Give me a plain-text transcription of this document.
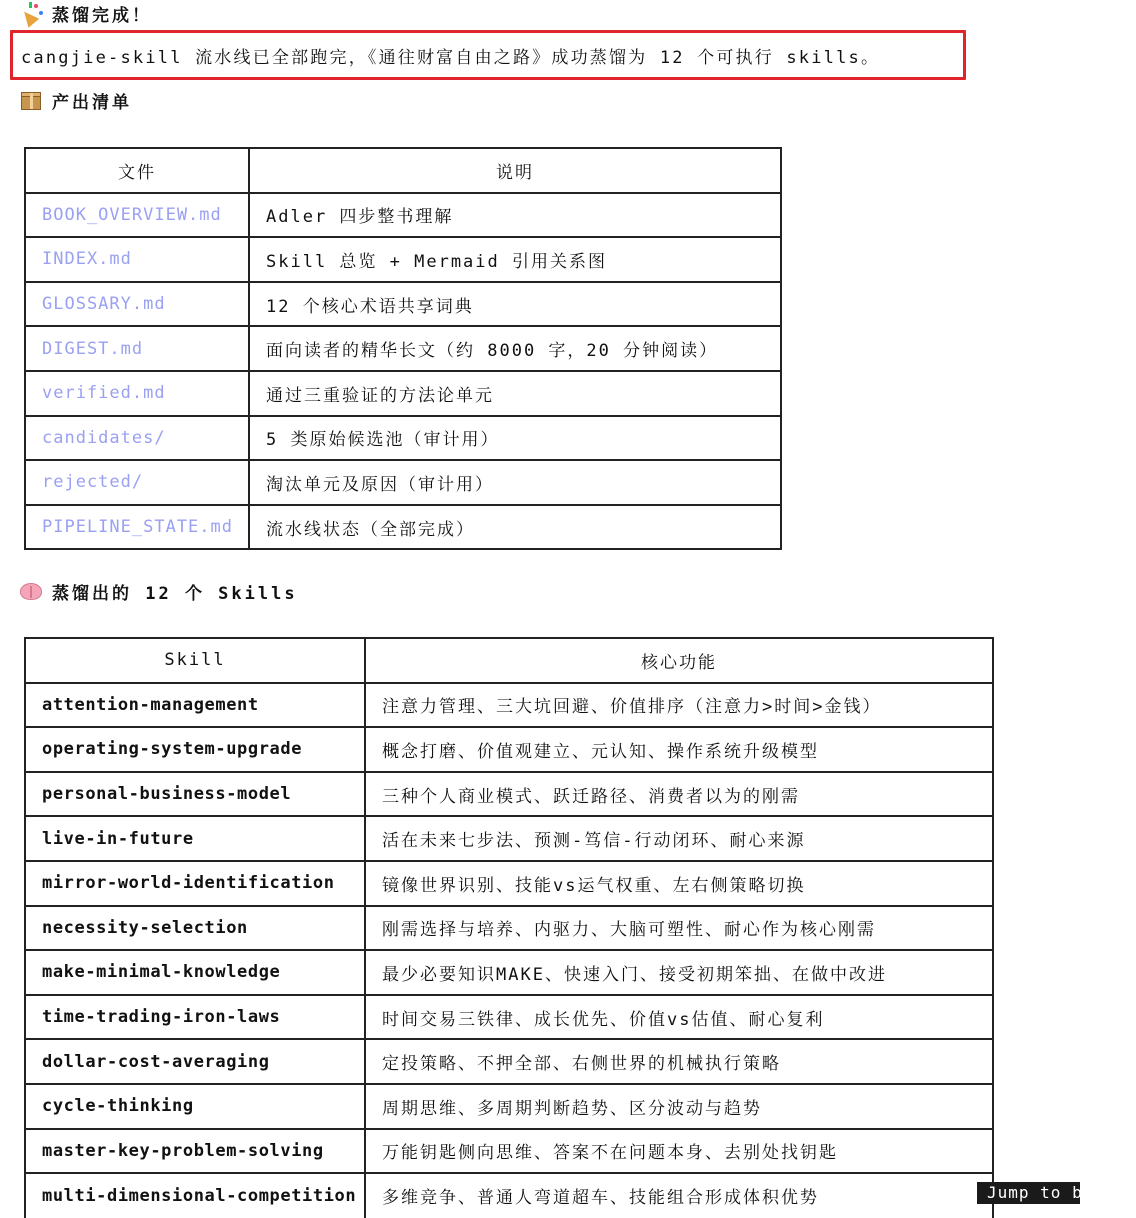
蒸馏完成！
cangjie-skill 流水线已全部跑完，《通往财富自由之路》成功蒸馏为 12 个可执行 skills。
产出清单
文件	说明
BOOK_OVERVIEW.md	Adler 四步整书理解
INDEX.md	Skill 总览 + Mermaid 引用关系图
GLOSSARY.md	12 个核心术语共享词典
DIGEST.md	面向读者的精华长文（约 8000 字，20 分钟阅读）
verified.md	通过三重验证的方法论单元
candidates/	5 类原始候选池（审计用）
rejected/	淘汰单元及原因（审计用）
PIPELINE_STATE.md	流水线状态（全部完成）
蒸馏出的 12 个 Skills
Skill	核心功能
attention-management	注意力管理、三大坑回避、价值排序（注意力>时间>金钱）
operating-system-upgrade	概念打磨、价值观建立、元认知、操作系统升级模型
personal-business-model	三种个人商业模式、跃迁路径、消费者以为的刚需
live-in-future	活在未来七步法、预测-笃信-行动闭环、耐心来源
mirror-world-identification	镜像世界识别、技能vs运气权重、左右侧策略切换
necessity-selection	刚需选择与培养、内驱力、大脑可塑性、耐心作为核心刚需
make-minimal-knowledge	最少必要知识MAKE、快速入门、接受初期笨拙、在做中改进
time-trading-iron-laws	时间交易三铁律、成长优先、价值vs估值、耐心复利
dollar-cost-averaging	定投策略、不押全部、右侧世界的机械执行策略
cycle-thinking	周期思维、多周期判断趋势、区分波动与趋势
master-key-problem-solving	万能钥匙侧向思维、答案不在问题本身、去别处找钥匙
multi-dimensional-competition	多维竞争、普通人弯道超车、技能组合形成体积优势	Jump to bottom
